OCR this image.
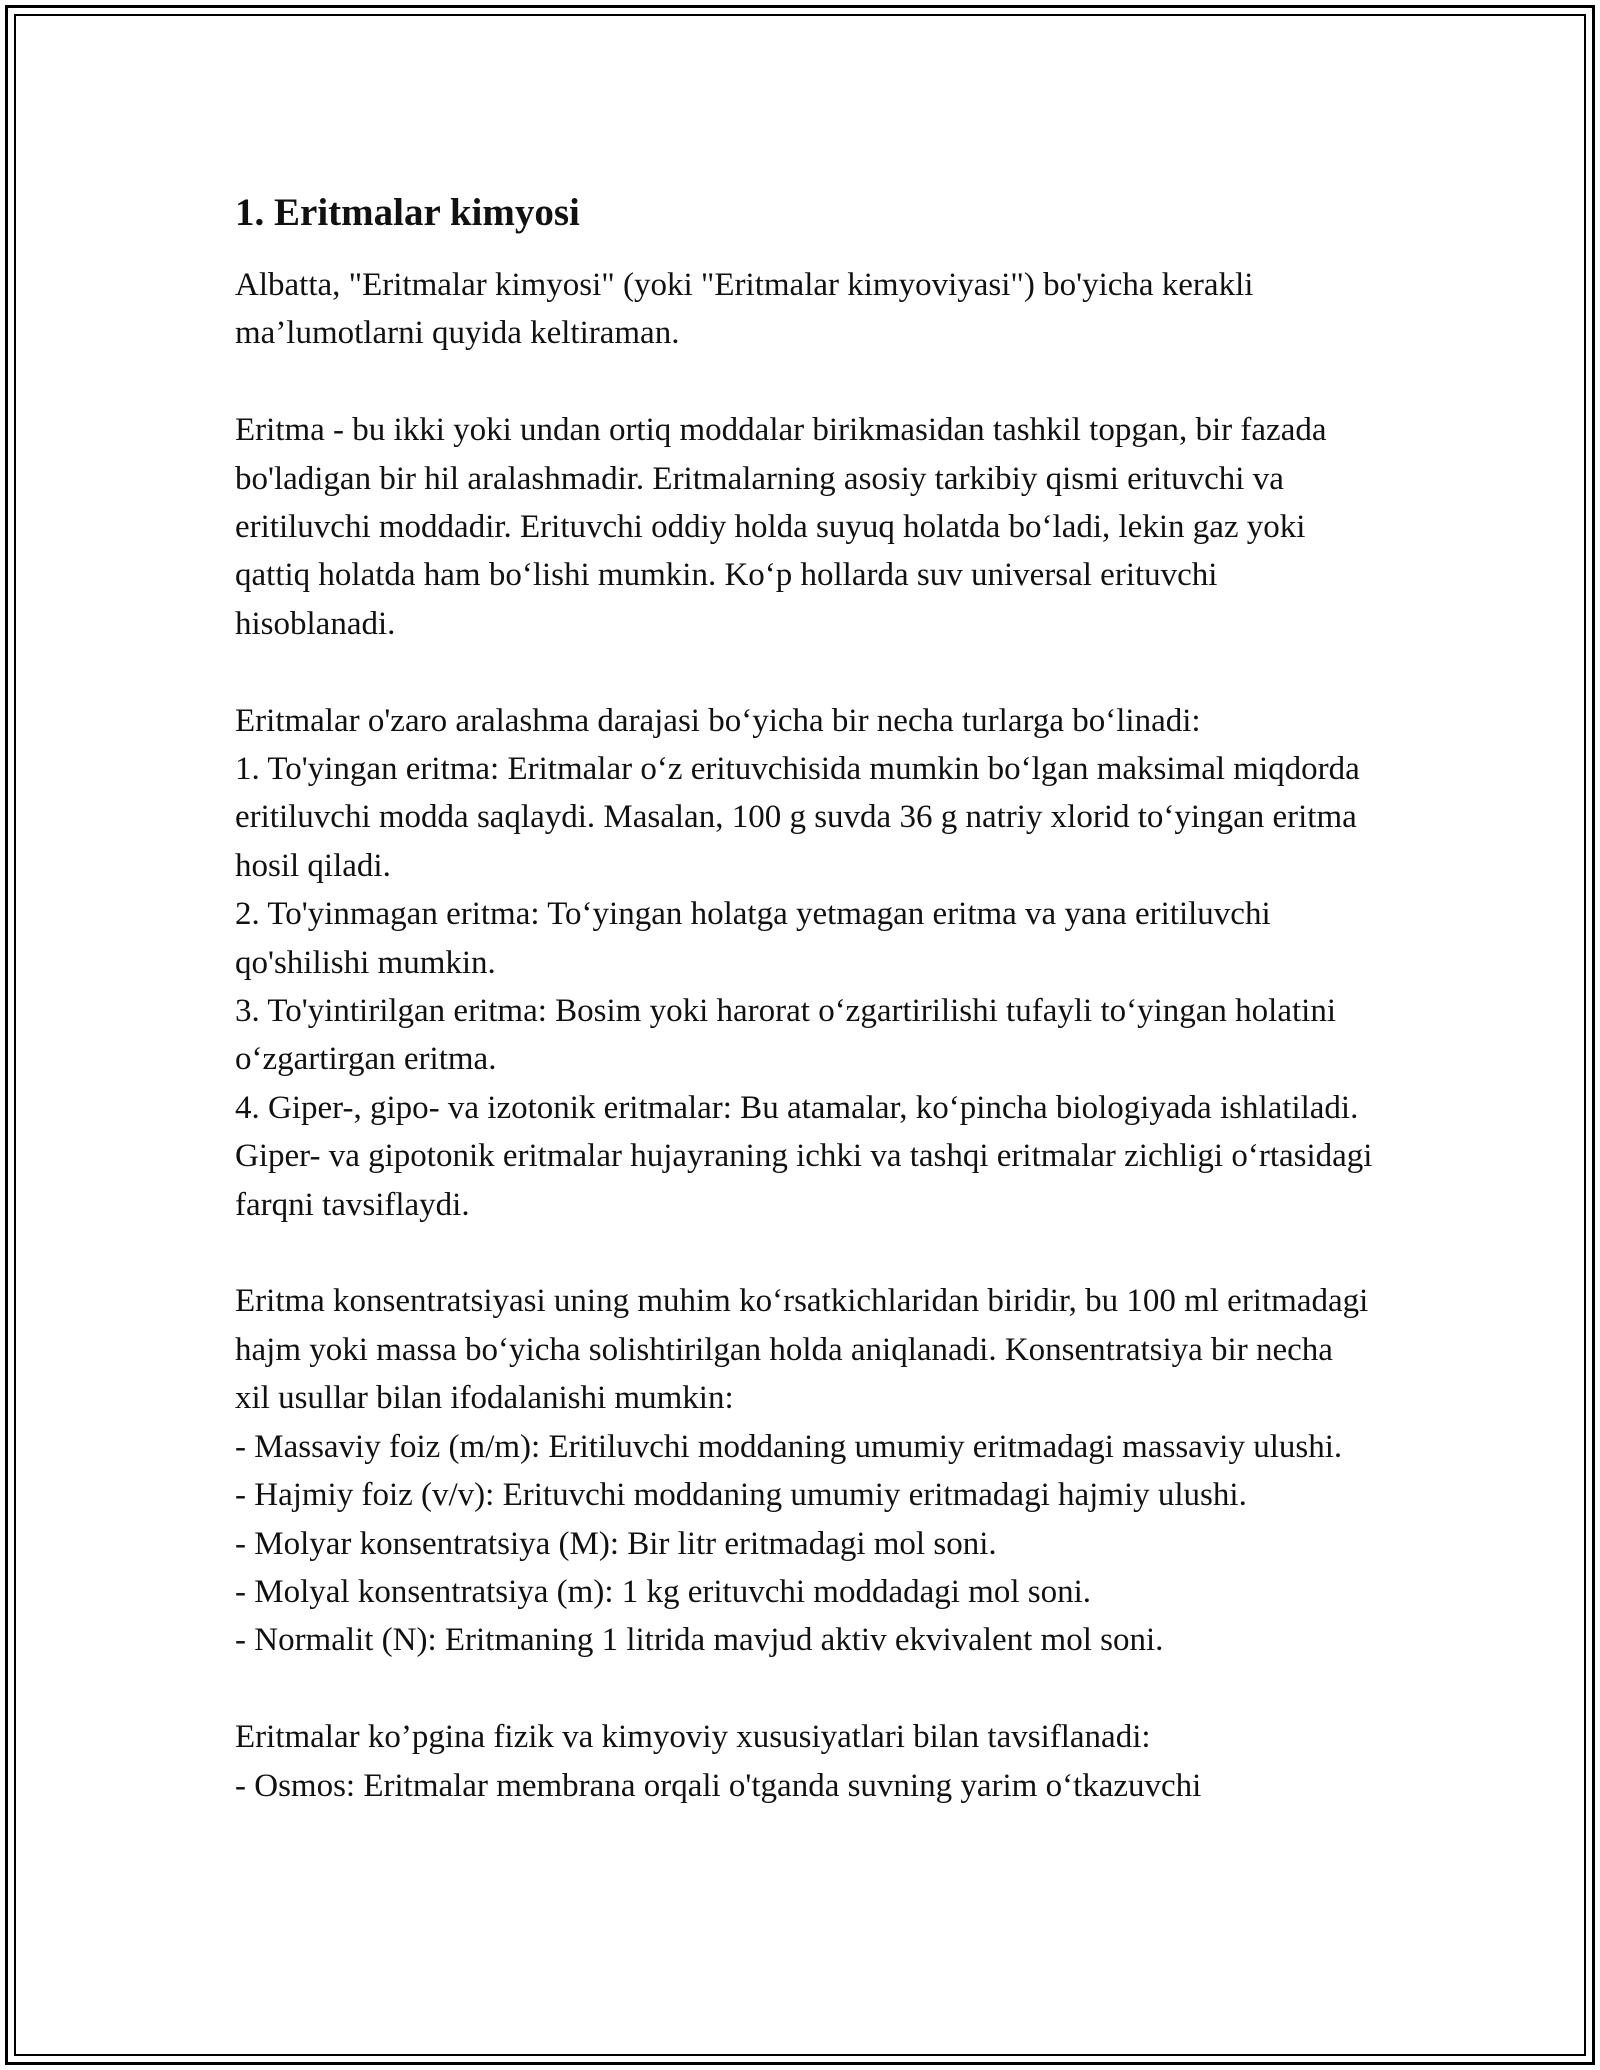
1. Eritmalar kimyosi

Albatta, "Eritmalar kimyosi" (yoki "Eritmalar kimyoviyasi") bo'yicha kerakli ma’lumotlarni quyida keltiraman.

Eritma - bu ikki yoki undan ortiq moddalar birikmasidan tashkil topgan, bir fazada bo'ladigan bir hil aralashmadir. Eritmalarning asosiy tarkibiy qismi erituvchi va eritiluvchi moddadir. Erituvchi oddiy holda suyuq holatda bo‘ladi, lekin gaz yoki qattiq holatda ham bo‘lishi mumkin. Ko‘p hollarda suv universal erituvchi hisoblanadi.

Eritmalar o'zaro aralashma darajasi bo‘yicha bir necha turlarga bo‘linadi:

1. To'yingan eritma: Eritmalar o‘z erituvchisida mumkin bo‘lgan maksimal miqdorda eritiluvchi modda saqlaydi. Masalan, 100 g suvda 36 g natriy xlorid to‘yingan eritma hosil qiladi.

2. To'yinmagan eritma: To‘yingan holatga yetmagan eritma va yana eritiluvchi qo'shilishi mumkin.

3. To'yintirilgan eritma: Bosim yoki harorat o‘zgartirilishi tufayli to‘yingan holatini o‘zgartirgan eritma.

4. Giper-, gipo- va izotonik eritmalar: Bu atamalar, ko‘pincha biologiyada ishlatiladi. Giper- va gipotonik eritmalar hujayraning ichki va tashqi eritmalar zichligi o‘rtasidagi farqni tavsiflaydi.

Eritma konsentratsiyasi uning muhim ko‘rsatkichlaridan biridir, bu 100 ml eritmadagi hajm yoki massa bo‘yicha solishtirilgan holda aniqlanadi. Konsentratsiya bir necha xil usullar bilan ifodalanishi mumkin:

- Massaviy foiz (m/m): Eritiluvchi moddaning umumiy eritmadagi massaviy ulushi.

- Hajmiy foiz (v/v): Erituvchi moddaning umumiy eritmadagi hajmiy ulushi.

- Molyar konsentratsiya (M): Bir litr eritmadagi mol soni.

- Molyal konsentratsiya (m): 1 kg erituvchi moddadagi mol soni.

- Normalit (N): Eritmaning 1 litrida mavjud aktiv ekvivalent mol soni.

Eritmalar ko’pgina fizik va kimyoviy xususiyatlari bilan tavsiflanadi:

- Osmos: Eritmalar membrana orqali o'tganda suvning yarim o‘tkazuvchi
